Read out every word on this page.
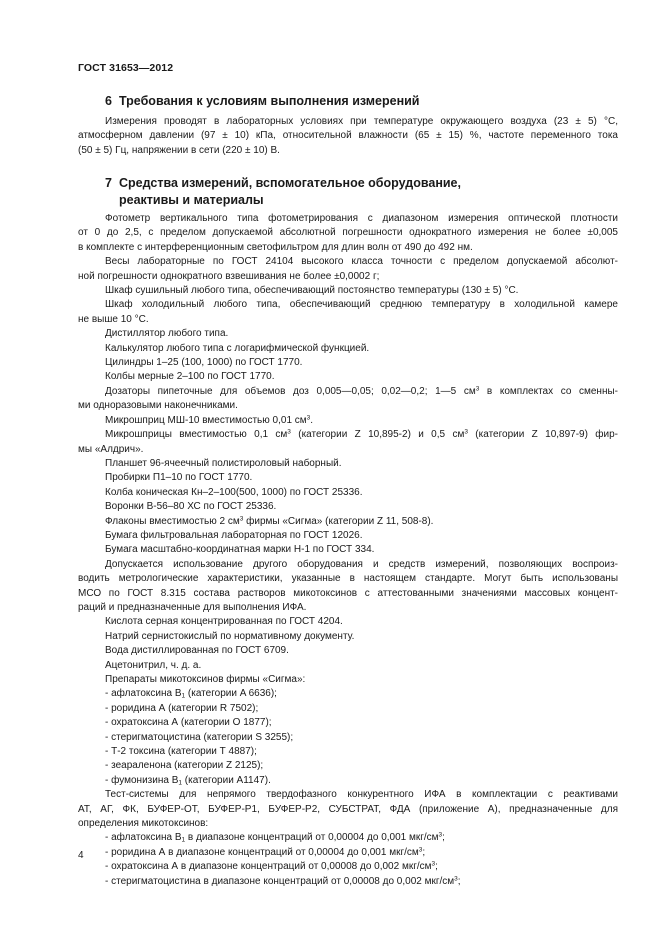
ГОСТ 31653—2012
6 Требования к условиям выполнения измерений
Измерения проводят в лабораторных условиях при температуре окружающего воздуха (23 ± 5) °C,
атмосферном давлении (97 ± 10) кПа, относительной влажности (65 ± 15) %, частоте переменного тока
(50 ± 5) Гц, напряжении в сети (220 ± 10) В.
7 Средства измерений, вспомогательное оборудование,
реактивы и материалы
Фотометр вертикального типа фотометрирования с диапазоном измерения оптической плотности
от 0 до 2,5, с пределом допускаемой абсолютной погрешности однократного измерения не более ±0,005
в комплекте с интерференционным светофильтром для длин волн от 490 до 492 нм.
Весы лабораторные по ГОСТ 24104 высокого класса точности с пределом допускаемой абсолют-
ной погрешности однократного взвешивания не более ±0,0002 г;
Шкаф сушильный любого типа, обеспечивающий постоянство температуры (130 ± 5) °C.
Шкаф холодильный любого типа, обеспечивающий среднюю температуру в холодильной камере
не выше 10 °C.
Дистиллятор любого типа.
Калькулятор любого типа с логарифмической функцией.
Цилиндры 1–25 (100, 1000) по ГОСТ 1770.
Колбы мерные 2–100 по ГОСТ 1770.
Дозаторы пипеточные для объемов доз 0,005—0,05; 0,02—0,2; 1—5 $см^3$ в комплектах со сменны-
ми одноразовыми наконечниками.
Микрошприц МШ-10 вместимостью 0,01 $см^3$.
Микрошприцы вместимостью 0,1 $см^3$ (категории Z 10,895-2) и 0,5 $см^3$ (категории Z 10,897-9) фир-
мы «Алдрич».
Планшет 96-ячеечный полистироловый наборный.
Пробирки П1–10 по ГОСТ 1770.
Колба коническая Кн–2–100(500, 1000) по ГОСТ 25336.
Воронки В-56–80 ХС по ГОСТ 25336.
Флаконы вместимостью 2 $см^3$ фирмы «Сигма» (категории Z 11, 508-8).
Бумага фильтровальная лабораторная по ГОСТ 12026.
Бумага масштабно-координатная марки Н-1 по ГОСТ 334.
Допускается использование другого оборудования и средств измерений, позволяющих воспроиз-
водить метрологические характеристики, указанные в настоящем стандарте. Могут быть использованы
МСО по ГОСТ 8.315 состава растворов микотоксинов с аттестованными значениями массовых концент-
раций и предназначенные для выполнения ИФА.
Кислота серная концентрированная по ГОСТ 4204.
Натрий сернистокислый по нормативному документу.
Вода дистиллированная по ГОСТ 6709.
Ацетонитрил, ч. д. а.
Препараты микотоксинов фирмы «Сигма»:
- афлатоксина $B_1$ (категории A 6636);
- роридина А (категории R 7502);
- охратоксина А (категории О 1877);
- стеригматоцистина (категории S 3255);
- Т-2 токсина (категории Т 4887);
- зеараленона (категории Z 2125);
- фумонизина $B_1$ (категории A1147).
Тест-системы для непрямого твердофазного конкурентного ИФА в комплектации с реактивами
АТ, АГ, ФК, БУФЕР-ОТ, БУФЕР-Р1, БУФЕР-Р2, СУБСТРАТ, ФДА (приложение А), предназначенные для
определения микотоксинов:
- афлатоксина $B_1$ в диапазоне концентраций от 0,00004 до 0,001 мкг/$см^3$;
- роридина А в диапазоне концентраций от 0,00004 до 0,001 мкг/$см^3$;
- охратоксина А в диапазоне концентраций от 0,00008 до 0,002 мкг/$см^3$;
- стеригматоцистина в диапазоне концентраций от 0,00008 до 0,002 мкг/$см^3$;
4
